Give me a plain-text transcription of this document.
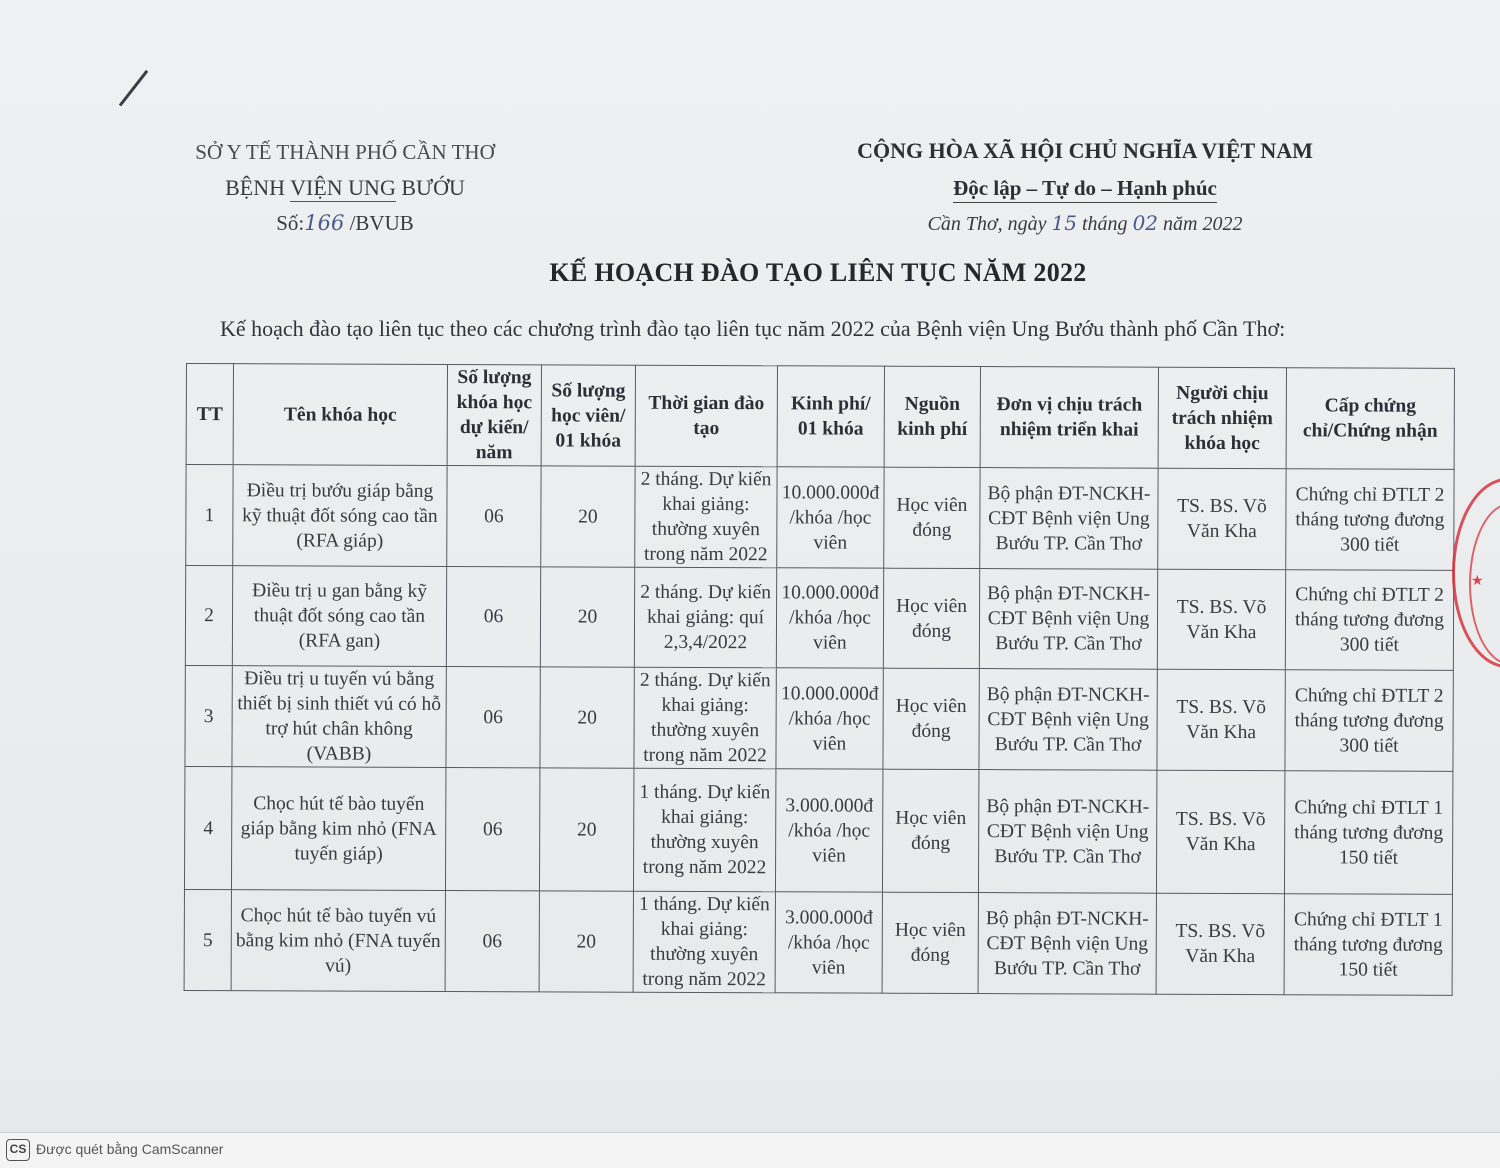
SỞ Y TẾ THÀNH PHỐ CẦN THƠ
BỆNH VIỆN UNG BƯỚU
Số:166 /BVUB
CỘNG HÒA XÃ HỘI CHỦ NGHĨA VIỆT NAM
Độc lập – Tự do – Hạnh phúc
Cần Thơ, ngày 15 tháng 02 năm 2022
KẾ HOẠCH ĐÀO TẠO LIÊN TỤC NĂM 2022
Kế hoạch đào tạo liên tục theo các chương trình đào tạo liên tục năm 2022 của Bệnh viện Ung Bướu thành phố Cần Thơ:
TT	Tên khóa học	Số lượng khóa học dự kiến/ năm	Số lượng học viên/ 01 khóa	Thời gian đào tạo	Kinh phí/ 01 khóa	Nguồn kinh phí	Đơn vị chịu trách nhiệm triển khai	Người chịu trách nhiệm khóa học	Cấp chứng chỉ/Chứng nhận
1	Điều trị bướu giáp bằng kỹ thuật đốt sóng cao tần (RFA giáp)	06	20	2 tháng. Dự kiến khai giảng: thường xuyên trong năm 2022	10.000.000đ /khóa /học viên	Học viên đóng	Bộ phận ĐT-NCKH-CĐT Bệnh viện Ung Bướu TP. Cần Thơ	TS. BS. Võ Văn Kha	Chứng chỉ ĐTLT 2 tháng tương đương 300 tiết
2	Điều trị u gan bằng kỹ thuật đốt sóng cao tần (RFA gan)	06	20	2 tháng. Dự kiến khai giảng: quí 2,3,4/2022	10.000.000đ /khóa /học viên	Học viên đóng	Bộ phận ĐT-NCKH-CĐT Bệnh viện Ung Bướu TP. Cần Thơ	TS. BS. Võ Văn Kha	Chứng chỉ ĐTLT 2 tháng tương đương 300 tiết
3	Điều trị u tuyến vú bằng thiết bị sinh thiết vú có hỗ trợ hút chân không (VABB)	06	20	2 tháng. Dự kiến khai giảng: thường xuyên trong năm 2022	10.000.000đ /khóa /học viên	Học viên đóng	Bộ phận ĐT-NCKH-CĐT Bệnh viện Ung Bướu TP. Cần Thơ	TS. BS. Võ Văn Kha	Chứng chỉ ĐTLT 2 tháng tương đương 300 tiết
4	Chọc hút tế bào tuyến giáp bằng kim nhỏ (FNA tuyến giáp)	06	20	1 tháng. Dự kiến khai giảng: thường xuyên trong năm 2022	3.000.000đ /khóa /học viên	Học viên đóng	Bộ phận ĐT-NCKH-CĐT Bệnh viện Ung Bướu TP. Cần Thơ	TS. BS. Võ Văn Kha	Chứng chỉ ĐTLT 1 tháng tương đương 150 tiết
5	Chọc hút tế bào tuyến vú bằng kim nhỏ (FNA tuyến vú)	06	20	1 tháng. Dự kiến khai giảng: thường xuyên trong năm 2022	3.000.000đ /khóa /học viên	Học viên đóng	Bộ phận ĐT-NCKH-CĐT Bệnh viện Ung Bướu TP. Cần Thơ	TS. BS. Võ Văn Kha	Chứng chỉ ĐTLT 1 tháng tương đương 150 tiết
★
CS Được quét bằng CamScanner
